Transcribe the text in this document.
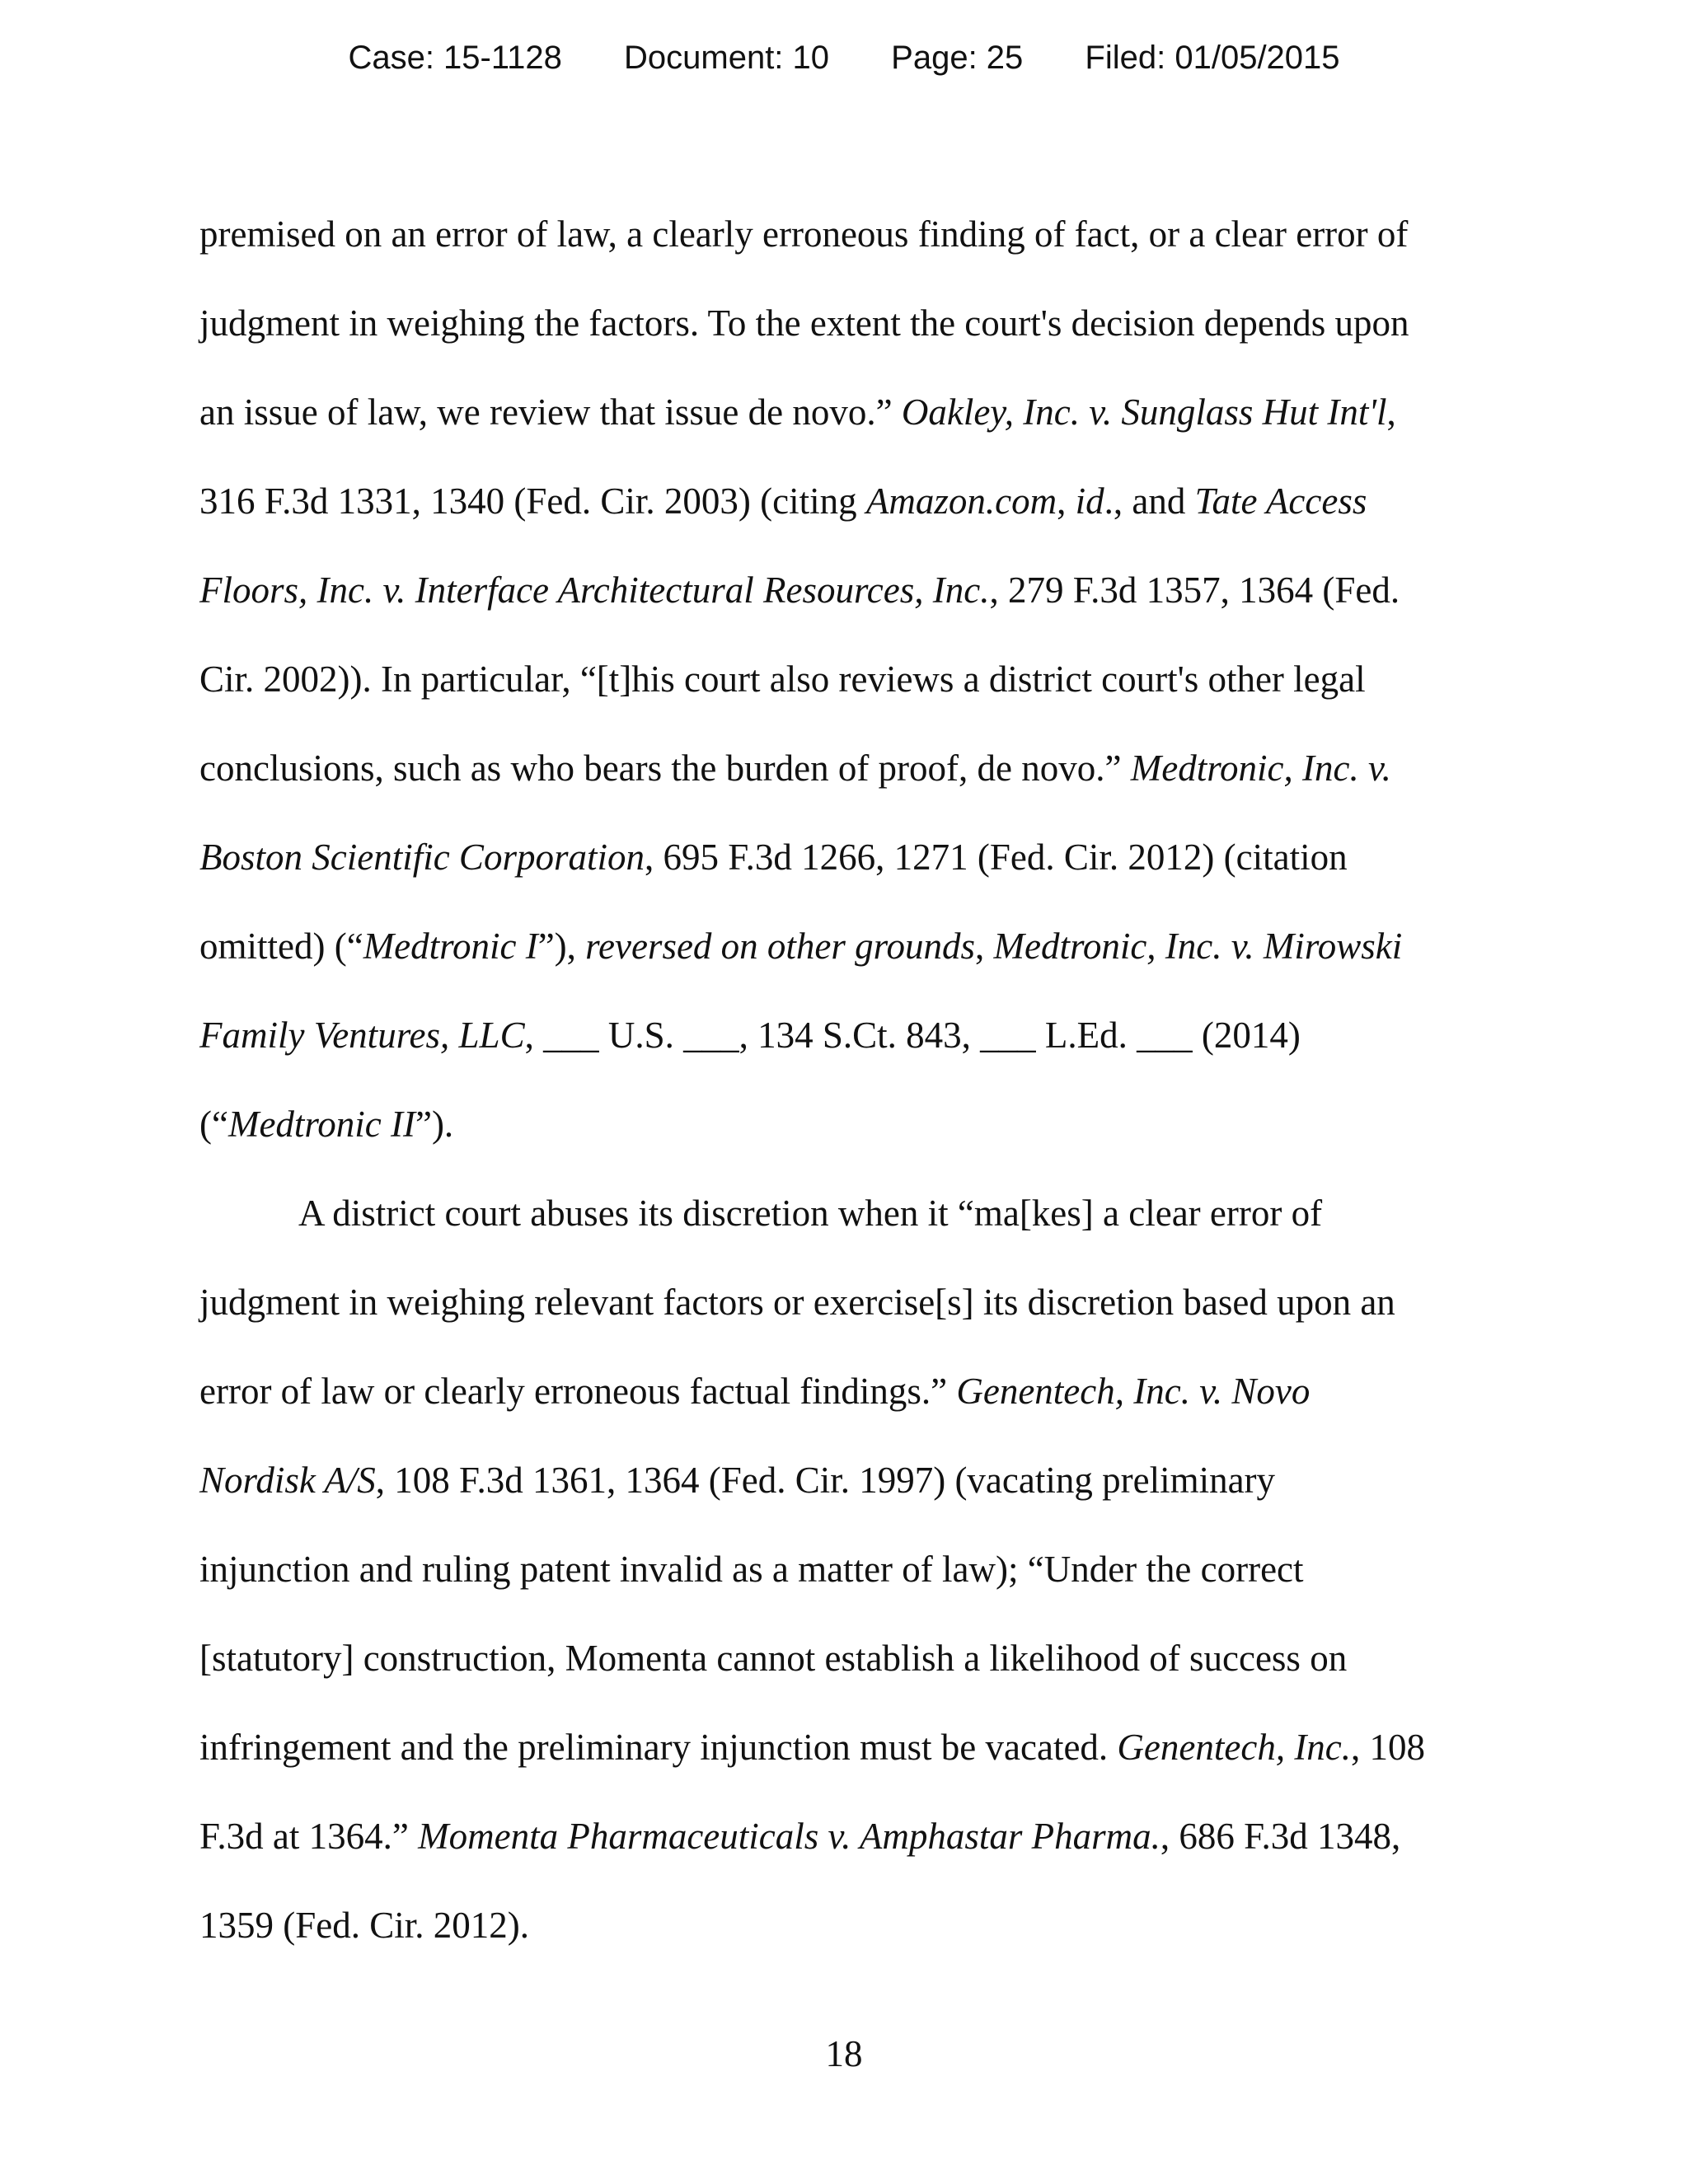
Case: 15-1128 Document: 10 Page: 25 Filed: 01/05/2015

premised on an error of law, a clearly erroneous finding of fact, or a clear error of
judgment in weighing the factors. To the extent the court's decision depends upon
an issue of law, we review that issue de novo.” Oakley, Inc. v. Sunglass Hut Int'l,
316 F.3d 1331, 1340 (Fed. Cir. 2003) (citing Amazon.com, id., and Tate Access
Floors, Inc. v. Interface Architectural Resources, Inc., 279 F.3d 1357, 1364 (Fed.
Cir. 2002)). In particular, “[t]his court also reviews a district court's other legal
conclusions, such as who bears the burden of proof, de novo.” Medtronic, Inc. v.
Boston Scientific Corporation, 695 F.3d 1266, 1271 (Fed. Cir. 2012) (citation
omitted) (“Medtronic I”), reversed on other grounds, Medtronic, Inc. v. Mirowski
Family Ventures, LLC, ___ U.S. ___, 134 S.Ct. 843, ___ L.Ed. ___ (2014)
(“Medtronic II”).

A district court abuses its discretion when it “ma[kes] a clear error of
judgment in weighing relevant factors or exercise[s] its discretion based upon an
error of law or clearly erroneous factual findings.” Genentech, Inc. v. Novo
Nordisk A/S, 108 F.3d 1361, 1364 (Fed. Cir. 1997) (vacating preliminary
injunction and ruling patent invalid as a matter of law); “Under the correct
[statutory] construction, Momenta cannot establish a likelihood of success on
infringement and the preliminary injunction must be vacated. Genentech, Inc., 108
F.3d at 1364.” Momenta Pharmaceuticals v. Amphastar Pharma., 686 F.3d 1348,
1359 (Fed. Cir. 2012).

18
